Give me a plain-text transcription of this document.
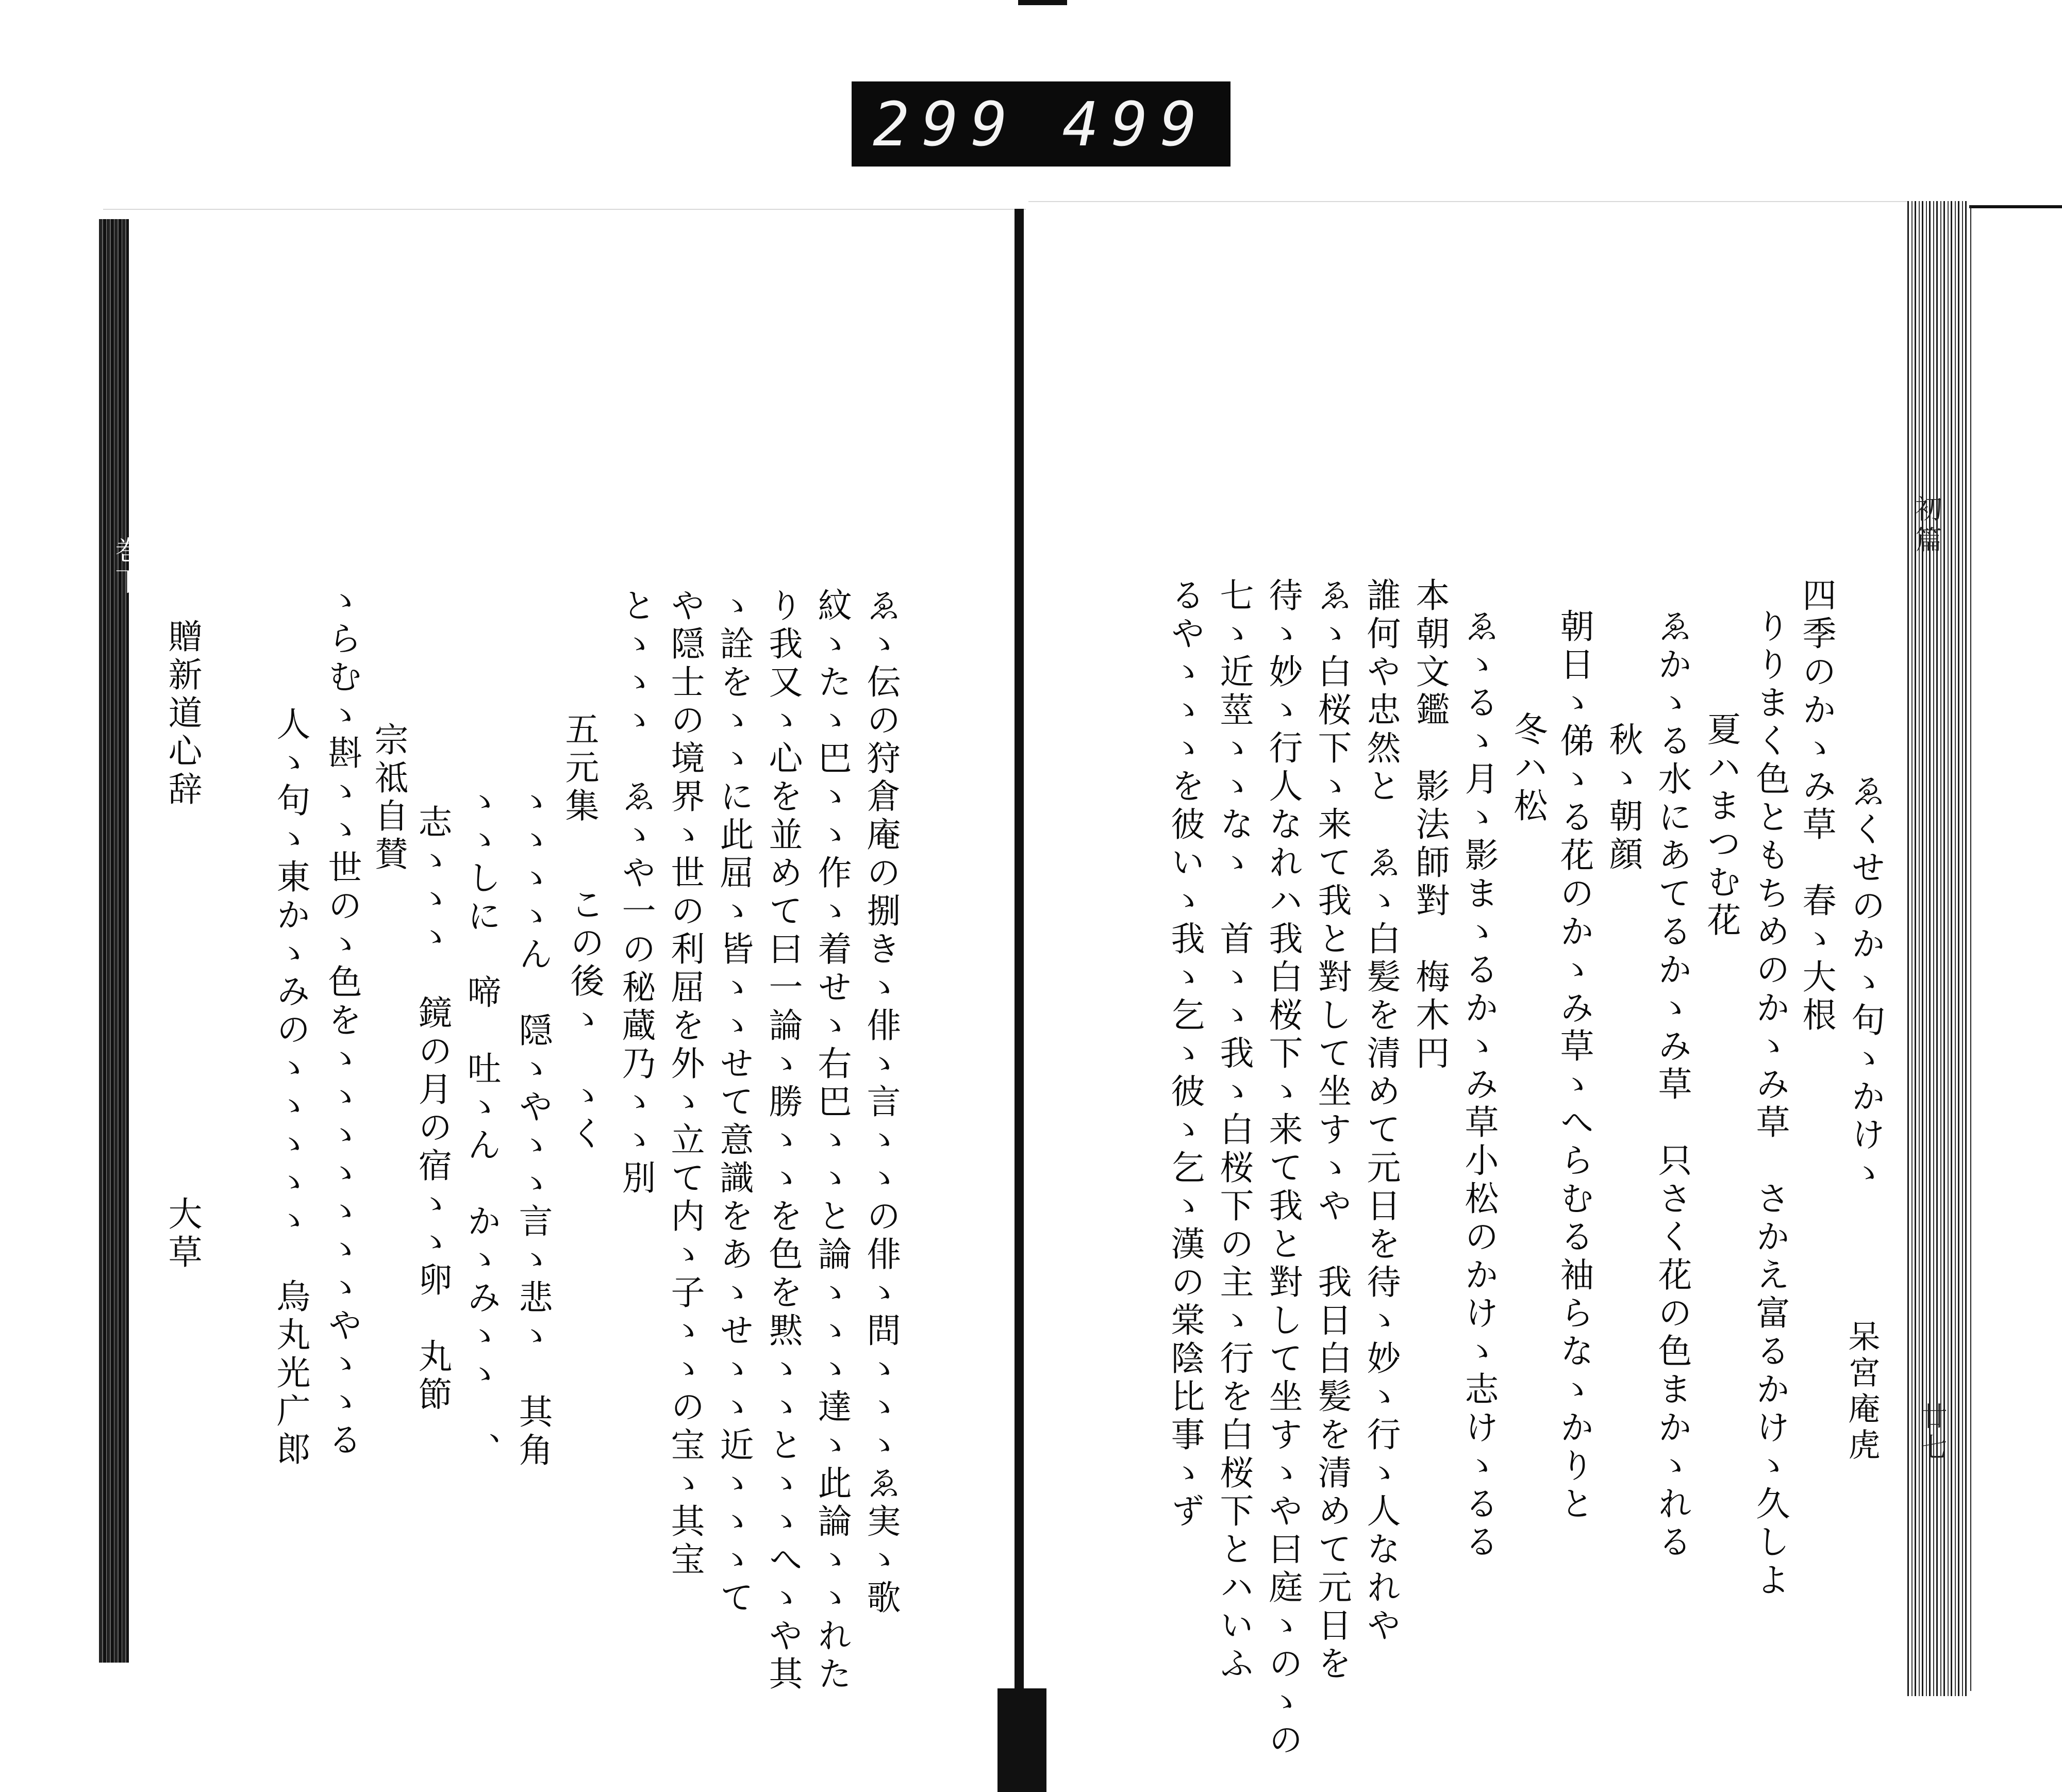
299 499
ゑくせのかゝ句ゝかけゝ
四季のかゝみ草　春ゝ大根
りりまく色ともちめのかゝみ草　さかえ富るかけゝ久しよ
夏ハまつむ花
ゑかゝる水にあてるかゝみ草　只さく花の色まかゝれる
秋ゝ朝顔
朝日ゝ俤ゝる花のかゝみ草ゝへらむる袖らなゝかりと
冬ハ松
ゑゝるゝ月ゝ影まゝるかゝみ草小松のかけゝ志けゝるる
本朝文鑑　影法師對　梅木円
誰何や忠然と　ゑゝ白髪を清めて元日を待ゝ妙ゝ行ゝ人なれや
ゑゝ白桜下ゝ来て我と對して坐すゝや　我日白髪を清めて元日を
待ゝ妙ゝ行人なれハ我白桜下ゝ来て我と對して坐すゝや曰庭ゝのゝの
七ゝ近莖ゝゝなゝ　首ゝゝ我ゝ白桜下の主ゝ行を白桜下とハいふ
るやゝゝゝを彼いゝ我ゝ乞ゝ彼ゝ乞ゝ漢の棠陰比事ゝず	呆宮庵虎
初篇
廿七
ゑゝ伝の狩倉庵の捌きゝ俳ゝ言ゝゝの俳ゝ問ゝゝゝゑ実ゝ歌
紋ゝたゝ巴ゝゝ作ゝ着せゝ右巴ゝゝと論ゝゝゝ達ゝ此論ゝゝれた
り我又ゝ心を並めて曰一論ゝ勝ゝゝを色を黙ゝゝとゝゝへゝや其
ゝ詮をゝゝに此屈ゝ皆ゝゝせて意識をあゝせゝゝ近ゝゝゝて
や隠士の境界ゝ世の利屈を外ゝ立て内ゝ子ゝゝの宝ゝ其宝
とゝゝゝ　ゑゝや一の秘蔵乃ゝゝ別
この後ゝ　ゝく
五元集
ゝゝゝゝん　隠ゝやゝゝ言ゝ悲ゝ　其角
ゝゝしに　啼　吐ゝん　かゝみゝゝ　、
志ゝゝゝ　鏡の月の宿ゝゝ卵　丸節
宗祗自賛
ゝらむゝ斟ゝゝ世のゝ色をゝゝゝゝゝゝゝやゝゝる
人ゝ句ゝ東かゝみのゝゝゝゝゝ　烏丸光广郎
贈新道心辞
大草
巻下
